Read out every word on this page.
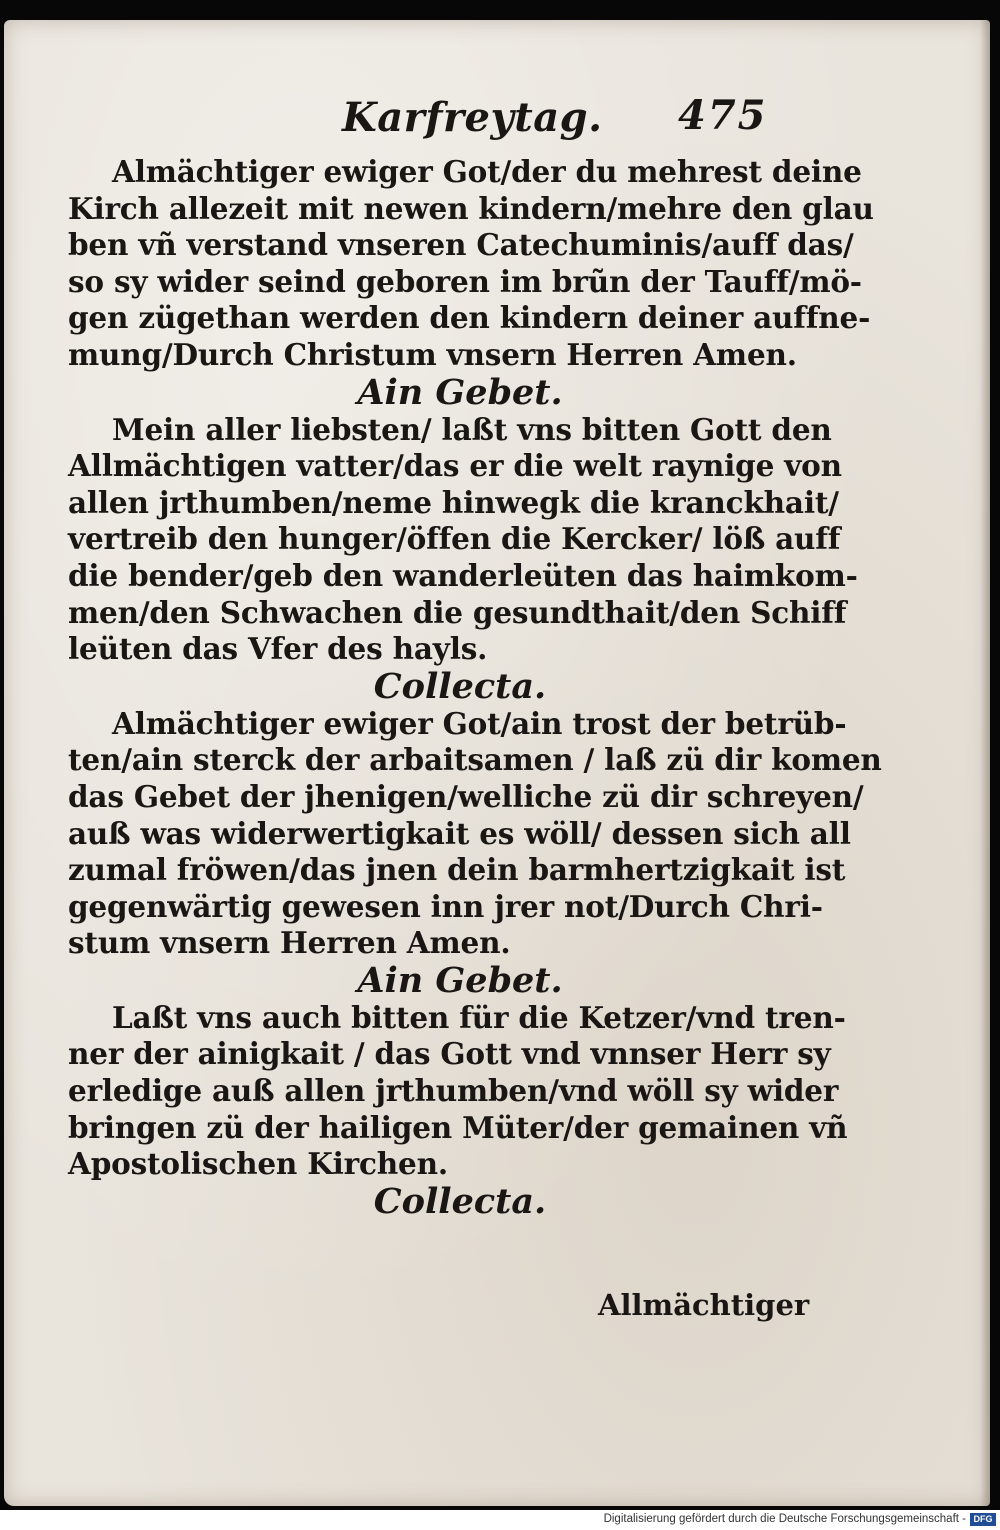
Karfreytag. 475
Almächtiger ewiger Got/der du mehrest deine
Kirch allezeit mit newen kindern/mehre den glau
ben vñ verstand vnseren Catechuminis/auff das/
so sy wider seind geboren im brũn der Tauff/mö-
gen zügethan werden den kindern deiner auffne-
mung/Durch Christum vnsern Herren Amen.
Ain Gebet.
Mein aller liebsten/ laßt vns bitten Gott den
Allmächtigen vatter/das er die welt raynige von
allen jrthumben/neme hinwegk die kranckhait/
vertreib den hunger/öffen die Kercker/ löß auff
die bender/geb den wanderleüten das haimkom-
men/den Schwachen die gesundthait/den Schiff
leüten das Vfer des hayls.
Collecta.
Almächtiger ewiger Got/ain trost der betrüb-
ten/ain sterck der arbaitsamen / laß zü dir komen
das Gebet der jhenigen/welliche zü dir schreyen/
auß was widerwertigkait es wöll/ dessen sich all
zumal fröwen/das jnen dein barmhertzigkait ist
gegenwärtig gewesen inn jrer not/Durch Chri-
stum vnsern Herren Amen.
Ain Gebet.
Laßt vns auch bitten für die Ketzer/vnd tren-
ner der ainigkait / das Gott vnd vnnser Herr sy
erledige auß allen jrthumben/vnd wöll sy wider
bringen zü der hailigen Müter/der gemainen vñ
Apostolischen Kirchen.
Collecta.
Allmächtiger
Digitalisierung gefördert durch die Deutsche Forschungsgemeinschaft - DFG
